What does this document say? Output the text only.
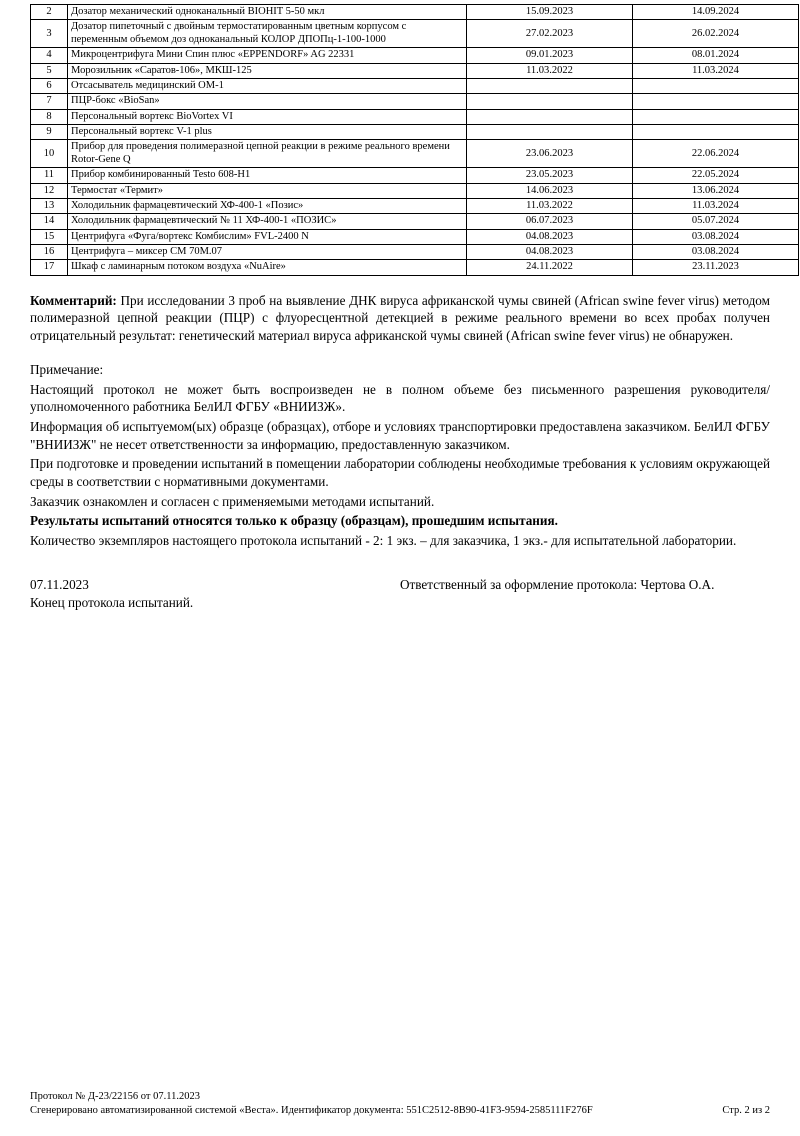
2	Дозатор механический одноканальный BIOHIT 5-50 мкл	15.09.2023	14.09.2024
3	Дозатор пипеточный с двойным термостатированным цветным корпусом с переменным объемом доз одноканальный КОЛОР ДПОПц-1-100-1000	27.02.2023	26.02.2024
4	Микроцентрифуга Мини Спин плюс «EPPENDORF» AG 22331	09.01.2023	08.01.2024
5	Морозильник «Саратов-106», МКШ-125	11.03.2022	11.03.2024
6	Отсасыватель медицинский ОМ-1		
7	ПЦР-бокс «BioSan»		
8	Персональный вортекс BioVortex VI		
9	Персональный вортекс V-1 plus		
10	Прибор для проведения полимеразной цепной реакции в режиме реального времени Rotor-Gene Q	23.06.2023	22.06.2024
11	Прибор комбинированный Testo 608-H1	23.05.2023	22.05.2024
12	Термостат «Термит»	14.06.2023	13.06.2024
13	Холодильник фармацевтический ХФ-400-1 «Позис»	11.03.2022	11.03.2024
14	Холодильник фармацевтический № 11 ХФ-400-1 «ПОЗИС»	06.07.2023	05.07.2024
15	Центрифуга «Фуга/вортекс Комбислим» FVL-2400 N	04.08.2023	03.08.2024
16	Центрифуга – миксер СМ 70М.07	04.08.2023	03.08.2024
17	Шкаф с ламинарным потоком воздуха «NuAire»	24.11.2022	23.11.2023
Комментарий: При исследовании 3 проб на выявление ДНК вируса африканской чумы свиней (African swine fever virus) методом полимеразной цепной реакции (ПЦР) с флуоресцентной детекцией в режиме реального времени во всех пробах получен отрицательный результат: генетический материал вируса африканской чумы свиней (African swine fever virus) не обнаружен.
Примечание:
Настоящий протокол не может быть воспроизведен не в полном объеме без письменного разрешения руководителя/уполномоченного работника БелИЛ ФГБУ «ВНИИЗЖ».
Информация об испытуемом(ых) образце (образцах), отборе и условиях транспортировки предоставлена заказчиком. БелИЛ ФГБУ "ВНИИЗЖ" не несет ответственности за информацию, предоставленную заказчиком.
При подготовке и проведении испытаний в помещении лаборатории соблюдены необходимые требования к условиям окружающей среды в соответствии с нормативными документами.
Заказчик ознакомлен и согласен с применяемыми методами испытаний.
Результаты испытаний относятся только к образцу (образцам), прошедшим испытания.
Количество экземпляров настоящего протокола испытаний - 2: 1 экз. – для заказчика, 1 экз.- для испытательной лаборатории.
07.11.2023	Ответственный за оформление протокола: Чертова О.А.
Конец протокола испытаний.
Протокол № Д-23/22156 от 07.11.2023
Сгенерировано автоматизированной системой «Веста». Идентификатор документа: 551C2512-8B90-41F3-9594-2585111F276F	Стр. 2 из 2
